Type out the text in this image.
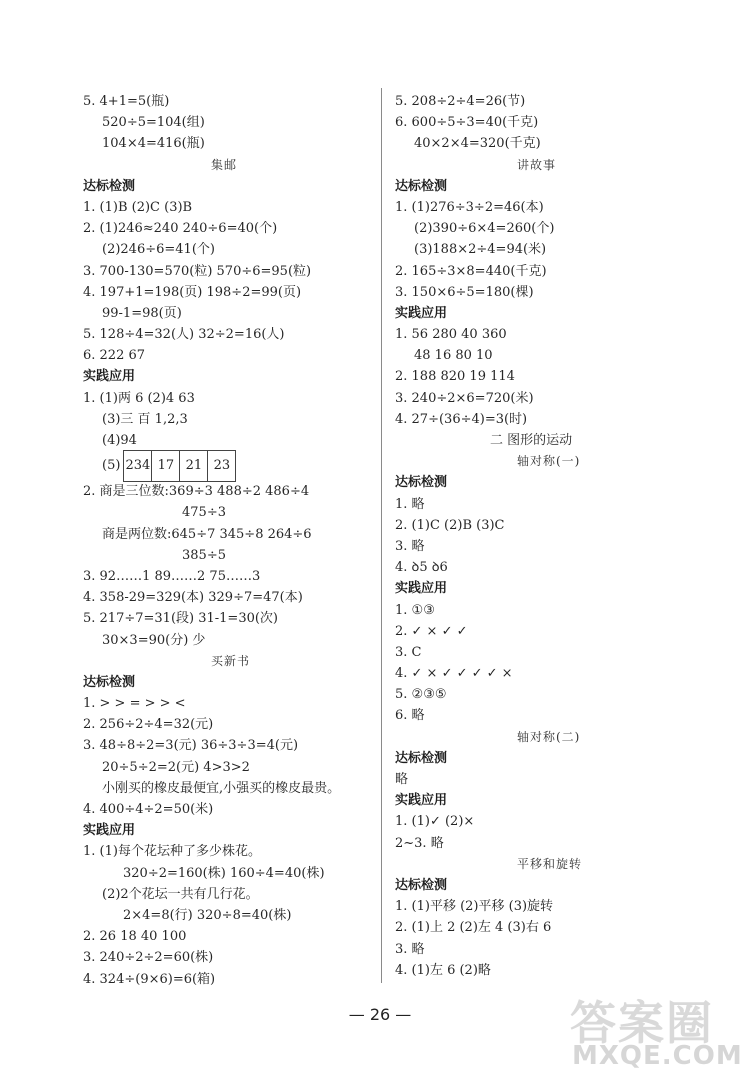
5. 4+1=5(瓶)
520÷5=104(组)
104×4=416(瓶)
集邮
达标检测
1. (1)B (2)C (3)B
2. (1)246≈240 240÷6=40(个)
(2)246÷6=41(个)
3. 700-130=570(粒) 570÷6=95(粒)
4. 197+1=198(页) 198÷2=99(页)
99-1=98(页)
5. 128÷4=32(人) 32÷2=16(人)
6. 222 67
实践应用
1. (1)两 6 (2)4 63
(3)三 百 1,2,3
(4)94
(5) 234	17	21	23
2. 商是三位数:369÷3 488÷2 486÷4
475÷3
商是两位数:645÷7 345÷8 264÷6
385÷5
3. 92……1 89……2 75……3
4. 358-29=329(本) 329÷7=47(本)
5. 217÷7=31(段) 31-1=30(次)
30×3=90(分) 少
买新书
达标检测
1. > > = > > <
2. 256÷2÷4=32(元)
3. 48÷8÷2=3(元) 36÷3÷3=4(元)
20÷5÷2=2(元) 4>3>2
小刚买的橡皮最便宜,小强买的橡皮最贵。
4. 400÷4÷2=50(米)
实践应用
1. (1)每个花坛种了多少株花。
320÷2=160(株) 160÷4=40(株)
(2)2个花坛一共有几行花。
2×4=8(行) 320÷8=40(株)
2. 26 18 40 100
3. 240÷2÷2=60(株)
4. 324÷(9×6)=6(箱)
5. 208÷2÷4=26(节)
6. 600÷5÷3=40(千克)
40×2×4=320(千克)
讲故事
达标检测
1. (1)276÷3÷2=46(本)
(2)390÷6×4=260(个)
(3)188×2÷4=94(米)
2. 165÷3×8=440(千克)
3. 150×6÷5=180(棵)
实践应用
1. 56 280 40 360
48 16 80 10
2. 188 820 19 114
3. 240÷2×6=720(米)
4. 27÷(36÷4)=3(时)
二 图形的运动
轴对称(一)
达标检测
1. 略
2. (1)C (2)B (3)C
3. 略
4. ꝺ5 ꝺ6
实践应用
1. ①③
2. ✓ × ✓ ✓
3. C
4. ✓ × ✓ ✓ ✓ ✓ ×
5. ②③⑤
6. 略
轴对称(二)
达标检测
略
实践应用
1. (1)✓ (2)×
2~3. 略
平移和旋转
达标检测
1. (1)平移 (2)平移 (3)旋转
2. (1)上 2 (2)左 4 (3)右 6
3. 略
4. (1)左 6 (2)略
— 26 —	答案圈
MXQE.COM
